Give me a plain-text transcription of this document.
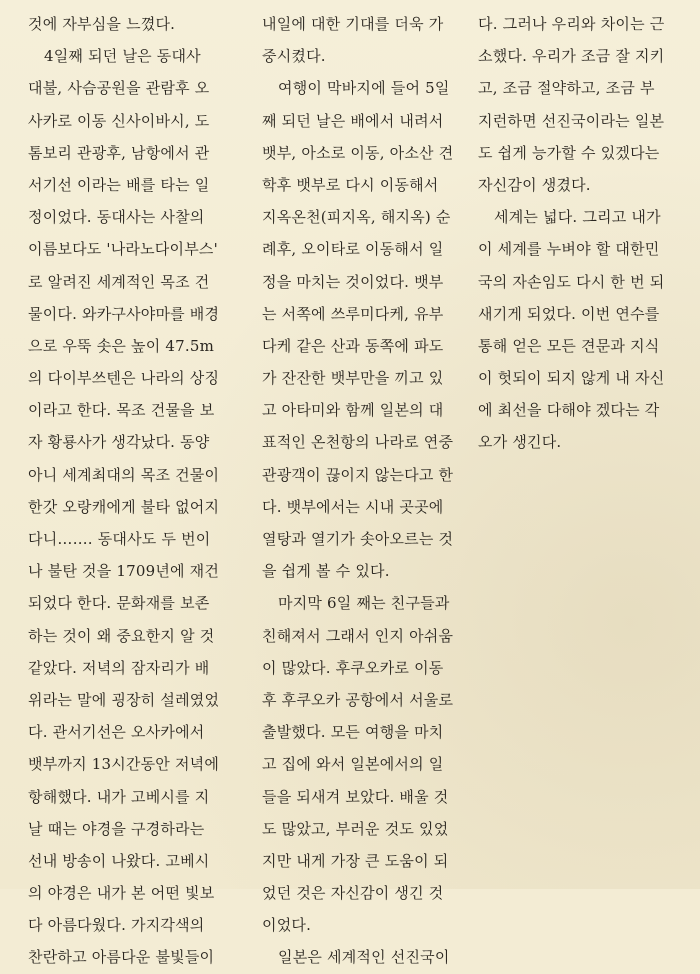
것에 자부심을 느꼈다.
4일째 되던 날은 동대사
대불, 사슴공원을 관람후 오
사카로 이동 신사이바시, 도
톰보리 관광후, 남항에서 관
서기선 이라는 배를 타는 일
정이었다. 동대사는 사찰의
이름보다도 '나라노다이부스'
로 알려진 세계적인 목조 건
물이다. 와카구사야마를 배경
으로 우뚝 솟은 높이 47.5m
의 다이부쓰텐은 나라의 상징
이라고 한다. 목조 건물을 보
자 황룡사가 생각났다. 동양
아니 세계최대의 목조 건물이
한갓 오랑캐에게 불타 없어지
다니……. 동대사도 두 번이
나 불탄 것을 1709년에 재건
되었다 한다. 문화재를 보존
하는 것이 왜 중요한지 알 것
같았다. 저녁의 잠자리가 배
위라는 말에 굉장히 설레였었
다. 관서기선은 오사카에서
뱃부까지 13시간동안 저녁에
항해했다. 내가 고베시를 지
날 때는 야경을 구경하라는
선내 방송이 나왔다. 고베시
의 야경은 내가 본 어떤 빛보
다 아름다웠다. 가지각색의
찬란하고 아름다운 불빛들이
내일에 대한 기대를 더욱 가
중시켰다.
여행이 막바지에 들어 5일
째 되던 날은 배에서 내려서
뱃부, 아소로 이동, 아소산 견
학후 뱃부로 다시 이동해서
지옥온천(피지옥, 해지옥) 순
례후, 오이타로 이동해서 일
정을 마치는 것이었다. 뱃부
는 서쪽에 쓰루미다케, 유부
다케 같은 산과 동쪽에 파도
가 잔잔한 뱃부만을 끼고 있
고 아타미와 함께 일본의 대
표적인 온천항의 나라로 연중
관광객이 끊이지 않는다고 한
다. 뱃부에서는 시내 곳곳에
열탕과 열기가 솟아오르는 것
을 쉽게 볼 수 있다.
마지막 6일 째는 친구들과
친해져서 그래서 인지 아쉬움
이 많았다. 후쿠오카로 이동
후 후쿠오카 공항에서 서울로
출발했다. 모든 여행을 마치
고 집에 와서 일본에서의 일
들을 되새겨 보았다. 배울 것
도 많았고, 부러운 것도 있었
지만 내게 가장 큰 도움이 되
었던 것은 자신감이 생긴 것
이었다.
일본은 세계적인 선진국이
다. 그러나 우리와 차이는 근
소했다. 우리가 조금 잘 지키
고, 조금 절약하고, 조금 부
지런하면 선진국이라는 일본
도 쉽게 능가할 수 있겠다는
자신감이 생겼다.
세계는 넓다. 그리고 내가
이 세계를 누벼야 할 대한민
국의 자손임도 다시 한 번 되
새기게 되었다. 이번 연수를
통해 얻은 모든 견문과 지식
이 헛되이 되지 않게 내 자신
에 최선을 다해야 겠다는 각
오가 생긴다.
